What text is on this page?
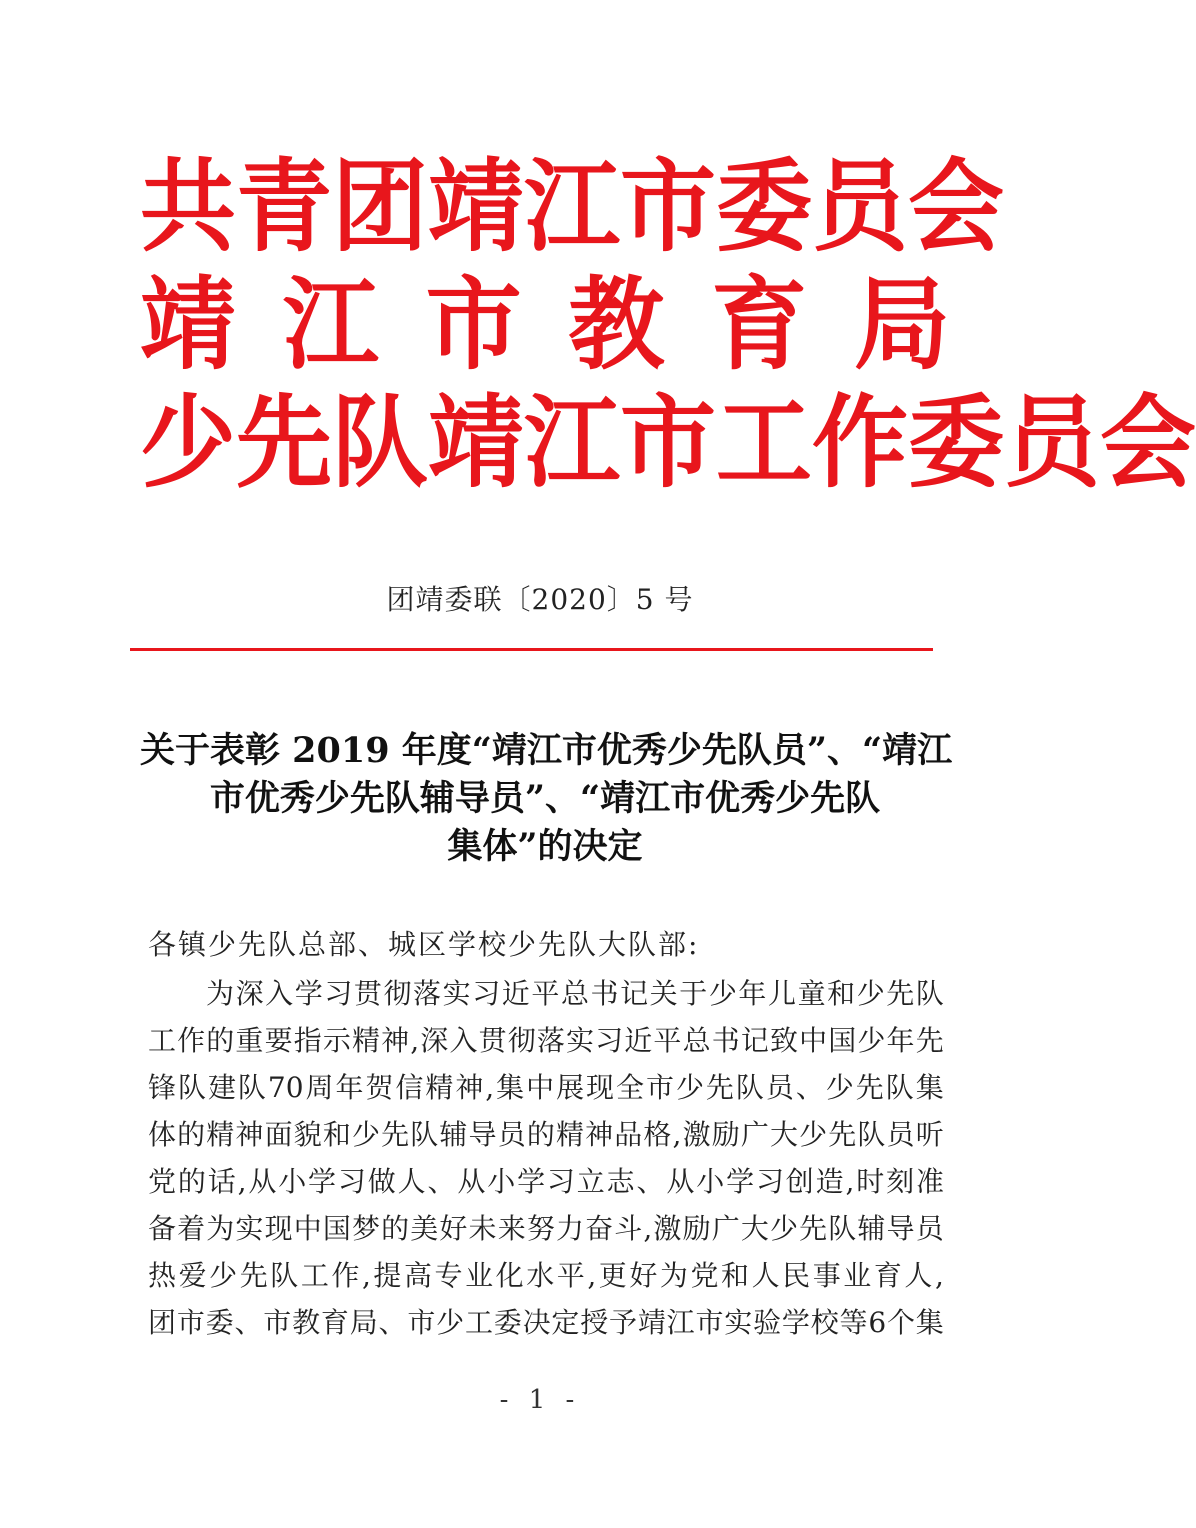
共 青 团 靖 江 市 委 员 会
靖 江 市 教 育 局
少 先 队 靖 江 市 工 作 委 员 会
团靖委联〔2020〕5 号
关于表彰 2019 年度“靖江市优秀少先队员”、“靖江
市优秀少先队辅导员”、“靖江市优秀少先队
集体”的决定
各镇少先队总部、城区学校少先队大队部:
为 深 入 学 习 贯 彻 落 实 习 近 平 总 书 记 关 于 少 年 儿 童 和 少 先 队
工 作 的 重 要 指 示 精 神 , 深 入 贯 彻 落 实 习 近 平 总 书 记 致 中 国 少 年 先
锋 队 建 队 70 周 年 贺 信 精 神 , 集 中 展 现 全 市 少 先 队 员 、 少 先 队 集
体 的 精 神 面 貌 和 少 先 队 辅 导 员 的 精 神 品 格 , 激 励 广 大 少 先 队 员 听
党 的 话 , 从 小 学 习 做 人 、 从 小 学 习 立 志 、 从 小 学 习 创 造 , 时 刻 准
备 着 为 实 现 中 国 梦 的 美 好 未 来 努 力 奋 斗 , 激 励 广 大 少 先 队 辅 导 员
热 爱 少 先 队 工 作 , 提 高 专 业 化 水 平 , 更 好 为 党 和 人 民 事 业 育 人 ,
团 市 委 、 市 教 育 局 、 市 少 工 委 决 定 授 予 靖 江 市 实 验 学 校 等 6 个 集
- 1 -
